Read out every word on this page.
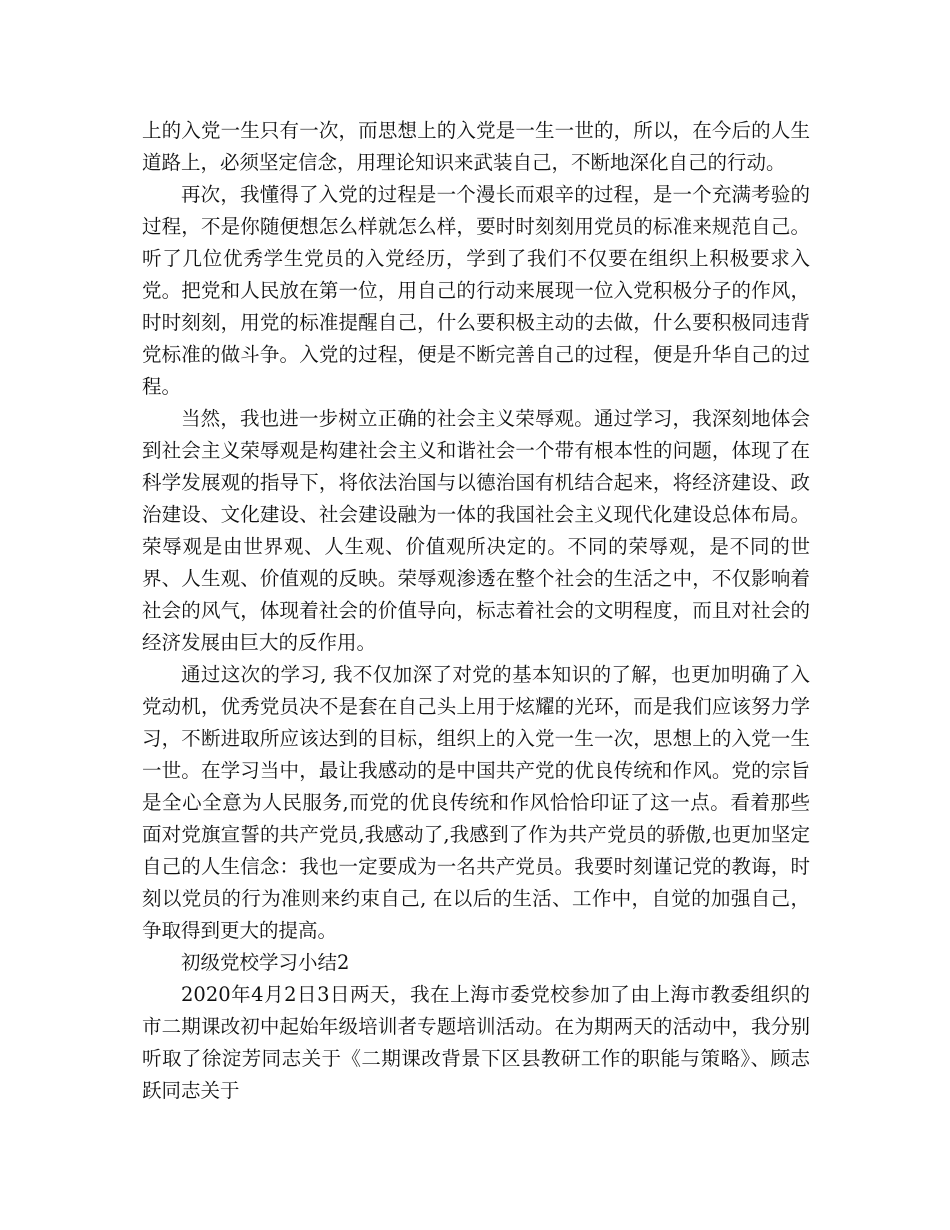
上的入党一生只有一次，而思想上的入党是一生一世的，所以，在今后的人生道路上，必须坚定信念，用理论知识来武装自己，不断地深化自己的行动。

再次，我懂得了入党的过程是一个漫长而艰辛的过程，是一个充满考验的过程，不是你随便想怎么样就怎么样，要时时刻刻用党员的标准来规范自己。听了几位优秀学生党员的入党经历，学到了我们不仅要在组织上积极要求入党。把党和人民放在第一位，用自己的行动来展现一位入党积极分子的作风，时时刻刻，用党的标准提醒自己，什么要积极主动的去做，什么要积极同违背党标准的做斗争。入党的过程，便是不断完善自己的过程，便是升华自己的过程。

当然，我也进一步树立正确的社会主义荣辱观。通过学习，我深刻地体会到社会主义荣辱观是构建社会主义和谐社会一个带有根本性的问题，体现了在科学发展观的指导下，将依法治国与以德治国有机结合起来，将经济建设、政治建设、文化建设、社会建设融为一体的我国社会主义现代化建设总体布局。荣辱观是由世界观、人生观、价值观所决定的。不同的荣辱观，是不同的世界、人生观、价值观的反映。荣辱观渗透在整个社会的生活之中，不仅影响着社会的风气，体现着社会的价值导向，标志着社会的文明程度，而且对社会的经济发展由巨大的反作用。

通过这次的学习, 我不仅加深了对党的基本知识的了解，也更加明确了入党动机，优秀党员决不是套在自己头上用于炫耀的光环，而是我们应该努力学习，不断进取所应该达到的目标，组织上的入党一生一次，思想上的入党一生一世。在学习当中，最让我感动的是中国共产党的优良传统和作风。党的宗旨是全心全意为人民服务,而党的优良传统和作风恰恰印证了这一点。看着那些面对党旗宣誓的共产党员,我感动了,我感到了作为共产党员的骄傲,也更加坚定自己的人生信念：我也一定要成为一名共产党员。我要时刻谨记党的教诲，时刻以党员的行为准则来约束自己, 在以后的生活、工作中，自觉的加强自己，争取得到更大的提高。

初级党校学习小结2

2020年4月2日3日两天，我在上海市委党校参加了由上海市教委组织的市二期课改初中起始年级培训者专题培训活动。在为期两天的活动中，我分别听取了徐淀芳同志关于《二期课改背景下区县教研工作的职能与策略》、顾志跃同志关于
